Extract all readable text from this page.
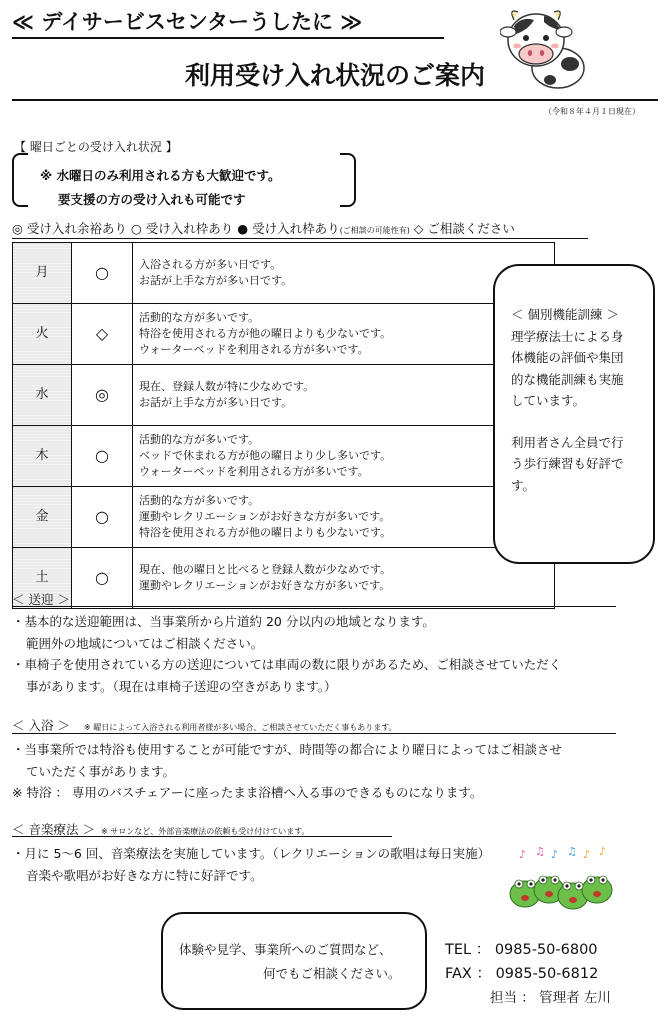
≪ デイサービスセンターうしたに ≫
利用受け入れ状況のご案内
（令和８年４月１日現在）
【 曜日ごとの受け入れ状況 】
※ 水曜日のみ利用される方も大歓迎です。
要支援の方の受け入れも可能です
◎ 受け入れ余裕あり ○ 受け入れ枠あり ● 受け入れ枠あり(ご相談の可能性有) ◇ ご相談ください
月	○	入浴される方が多い日です。
お話が上手な方が多い日です。

火	◇	活動的な方が多いです。
特浴を使用される方が他の曜日よりも少ないです。
ウォーターベッドを利用される方が多いです。

水	◎	現在、登録人数が特に少なめです。
お話が上手な方が多い日です。

木	○	活動的な方が多いです。
ベッドで休まれる方が他の曜日より少し多いです。
ウォーターベッドを利用される方が多いです。

金	○	活動的な方が多いです。
運動やレクリエーションがお好きな方が多いです。
特浴を使用される方が他の曜日よりも少ないです。

土	○	現在、他の曜日と比べると登録人数が少なめです。
運動やレクリエーションがお好きな方が多いです。

＜ 個別機能訓練 ＞

理学療法士による身

体機能の評価や集団

的な機能訓練も実施

しています。

利用者さん全員で行

う歩行練習も好評で

す。

＜ 送迎 ＞
・基本的な送迎範囲は、当事業所から片道約 20 分以内の地域となります。
範囲外の地域についてはご相談ください。
・車椅子を使用されている方の送迎については車両の数に限りがあるため、ご相談させていただく
事があります。（現在は車椅子送迎の空きがあります。）
＜ 入浴 ＞ ※ 曜日によって入浴される利用者様が多い場合、ご相談させていただく事もあります。
・当事業所では特浴も使用することが可能ですが、時間等の都合により曜日によってはご相談させ
ていただく事があります。
※ 特浴 ： 専用のバスチェアーに座ったまま浴槽へ入る事のできるものになります。
＜ 音楽療法 ＞ ※ サロンなど、外部音楽療法の依頼も受け付けています。
・月に 5～6 回、音楽療法を実施しています。（レクリエーションの歌唱は毎日実施）
音楽や歌唱がお好きな方に特に好評です。
♪ ♫ ♪ ♫ ♪ ♪
体験や見学、事業所へのご質問など、
何でもご相談ください。
TEL ： 0985-50-6800
FAX ： 0985-50-6812
担当 ： 管理者 左川
